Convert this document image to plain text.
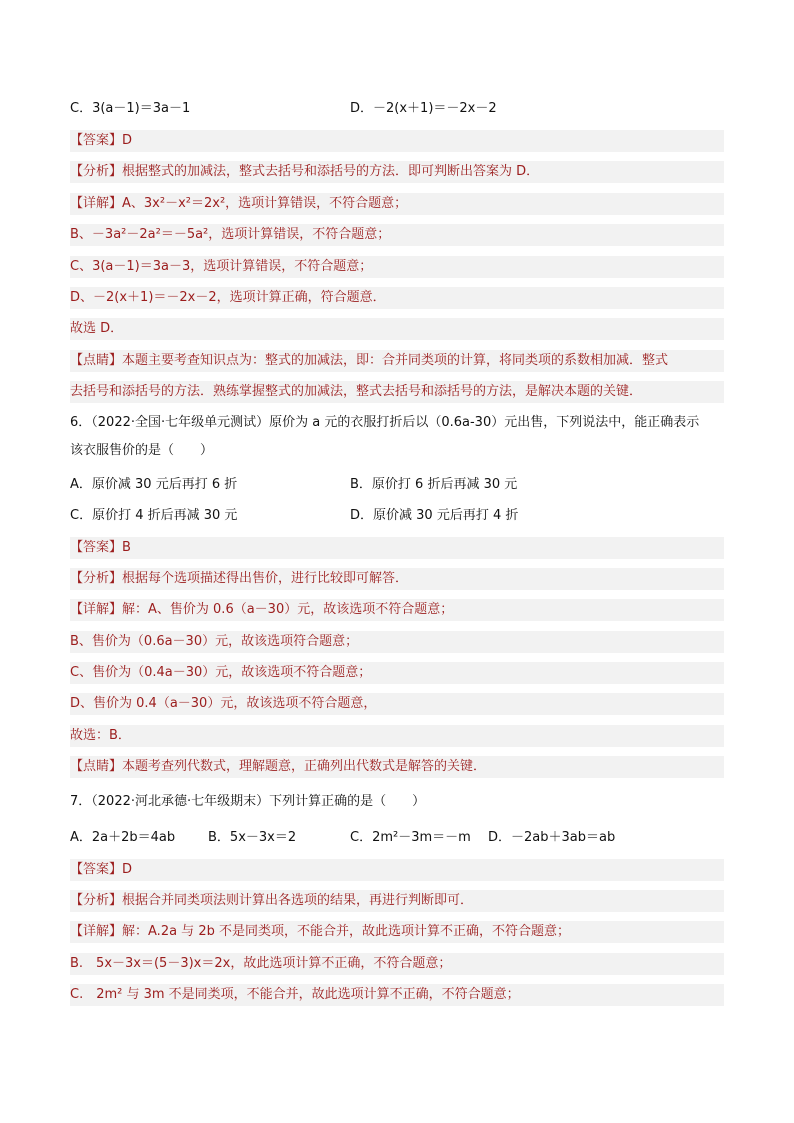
C．3(a－1)＝3a－1	D．－2(x＋1)＝－2x－2
【答案】D
【分析】根据整式的加减法，整式去括号和添括号的方法．即可判断出答案为 D．
【详解】A、3x²－x²＝2x²，选项计算错误，不符合题意；
B、－3a²－2a²＝－5a²，选项计算错误，不符合题意；
C、3(a－1)＝3a－3，选项计算错误，不符合题意；
D、－2(x＋1)＝－2x－2，选项计算正确，符合题意．
故选 D．
【点睛】本题主要考查知识点为：整式的加减法，即：合并同类项的计算，将同类项的系数相加减．整式
去括号和添括号的方法．熟练掌握整式的加减法，整式去括号和添括号的方法，是解决本题的关键．
6．（2022·全国·七年级单元测试）原价为 a 元的衣服打折后以（0.6a-30）元出售，下列说法中，能正确表示
该衣服售价的是（　　）
A．原价减 30 元后再打 6 折	B．原价打 6 折后再减 30 元
C．原价打 4 折后再减 30 元	D．原价减 30 元后再打 4 折
【答案】B
【分析】根据每个选项描述得出售价，进行比较即可解答．
【详解】解：A、售价为 0.6（a－30）元，故该选项不符合题意；
B、售价为（0.6a－30）元，故该选项符合题意；
C、售价为（0.4a－30）元，故该选项不符合题意；
D、售价为 0.4（a－30）元，故该选项不符合题意，
故选：B．
【点睛】本题考查列代数式，理解题意，正确列出代数式是解答的关键．
7．（2022·河北承德·七年级期末）下列计算正确的是（　　）
A．2a＋2b＝4ab	B．5x－3x＝2	C．2m²－3m＝－m D．－2ab＋3ab＝ab
【答案】D
【分析】根据合并同类项法则计算出各选项的结果，再进行判断即可．
【详解】解：A.2a 与 2b 不是同类项，不能合并，故此选项计算不正确，不符合题意；
B.　5x－3x＝(5－3)x＝2x，故此选项计算不正确，不符合题意；
C.　2m² 与 3m 不是同类项，不能合并，故此选项计算不正确，不符合题意；
